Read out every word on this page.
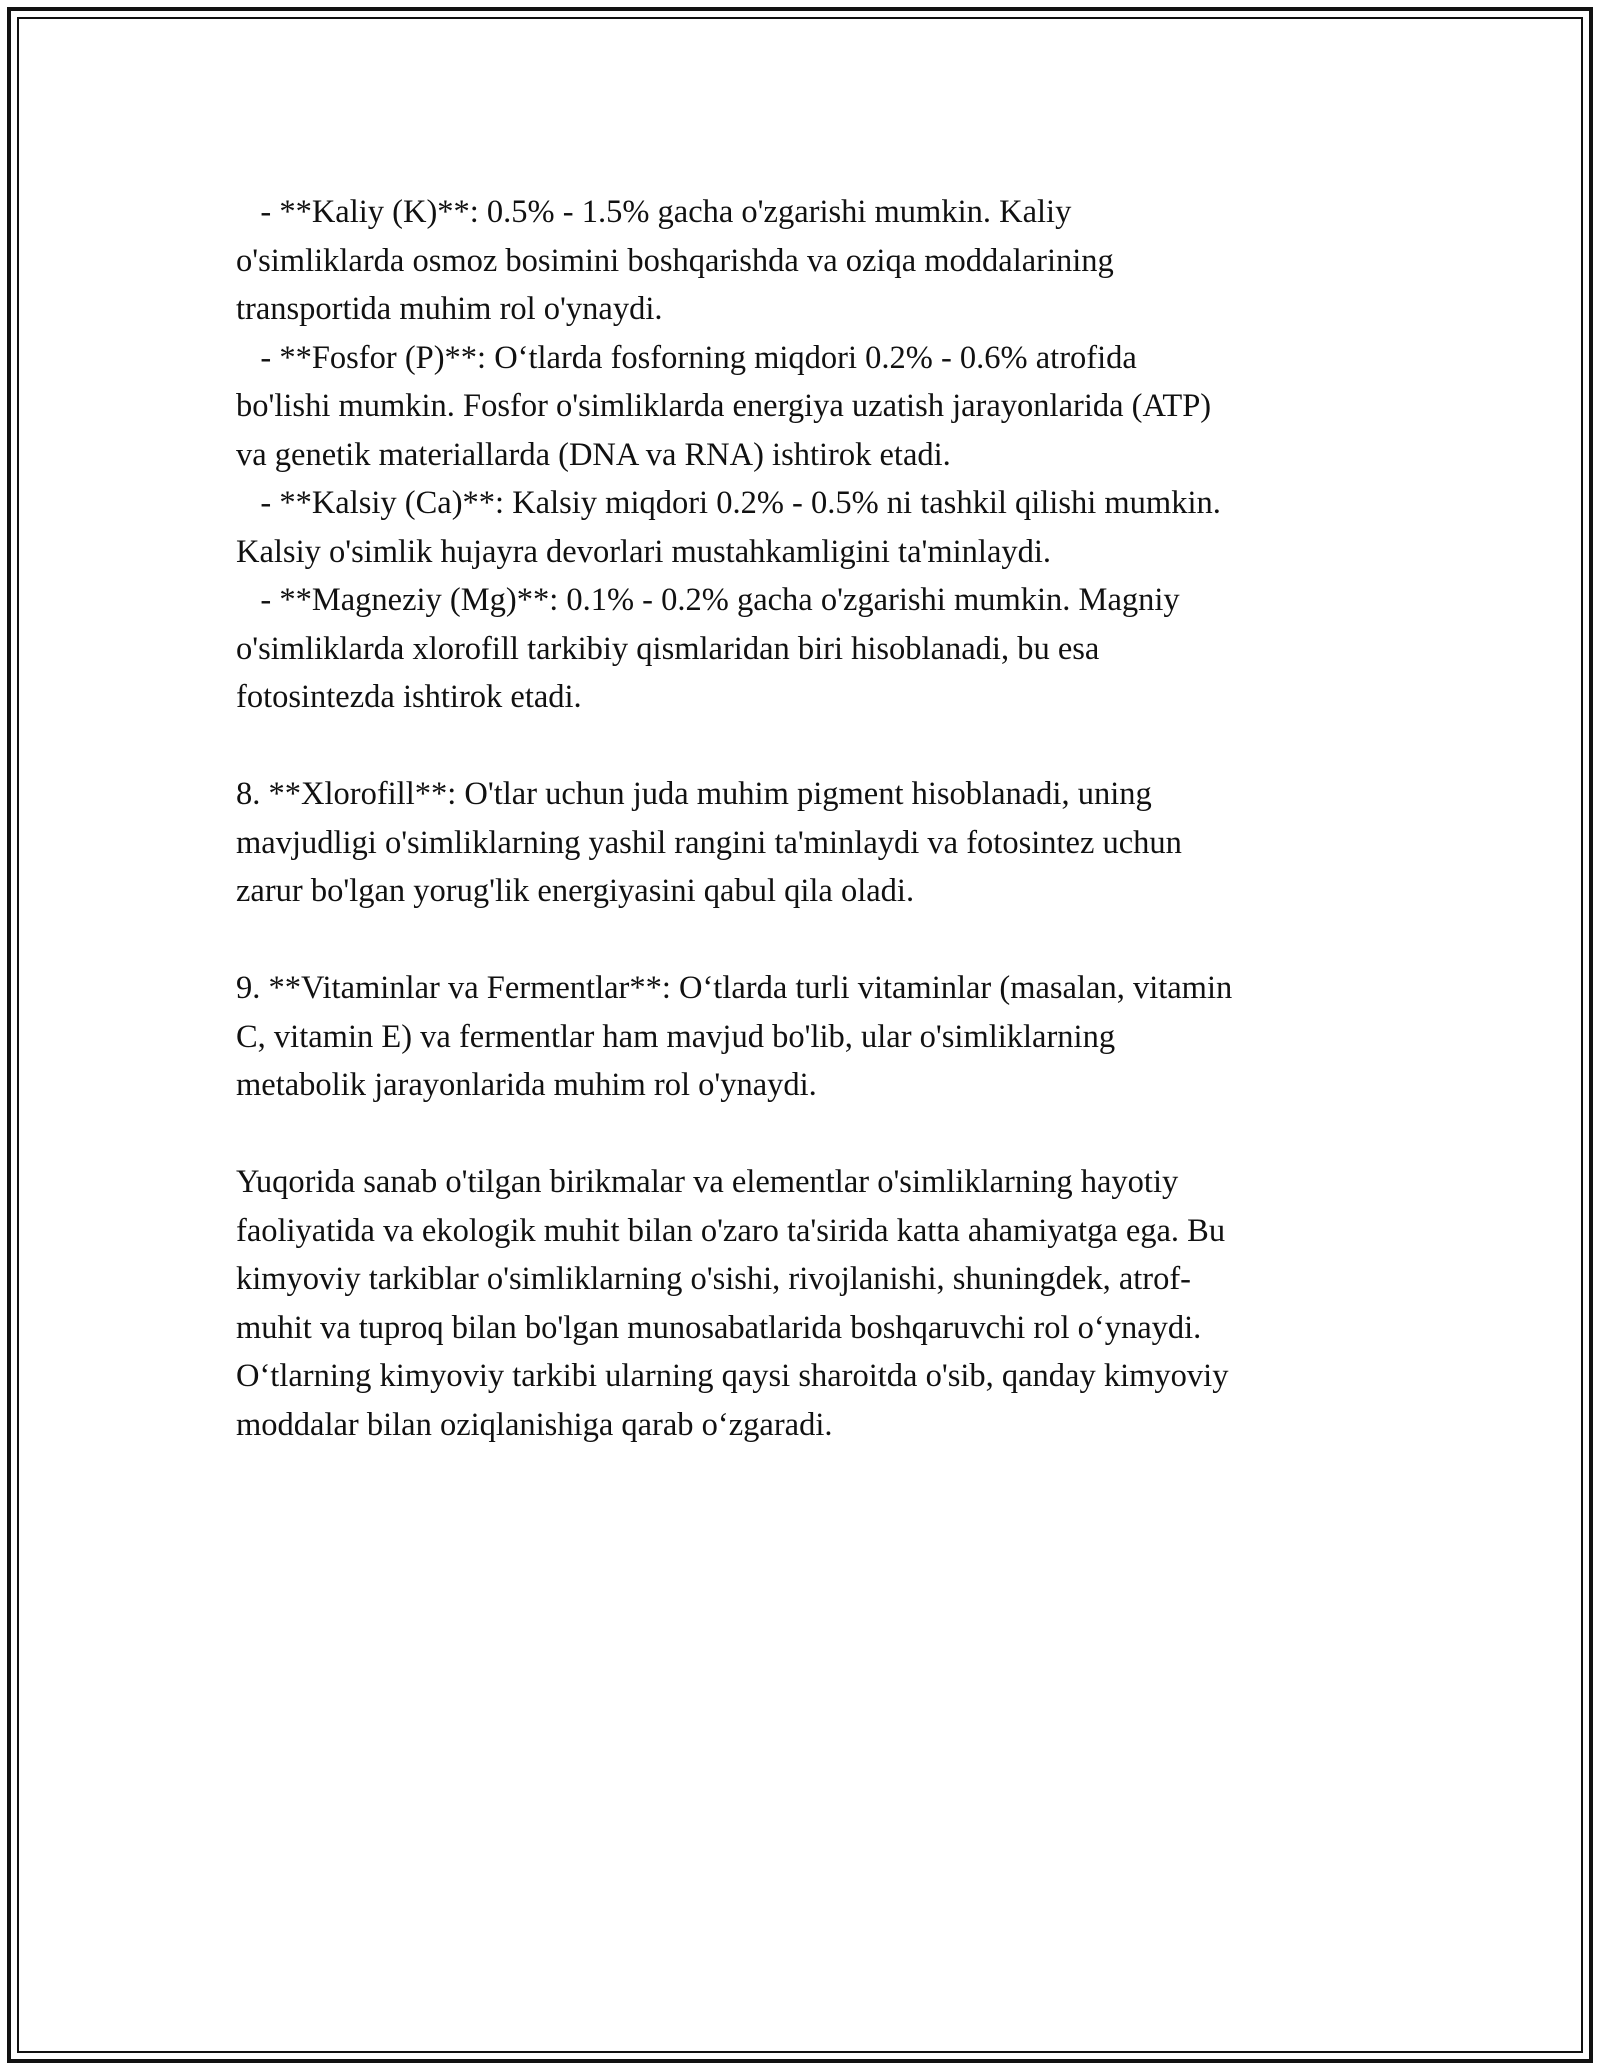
- **Kaliy (K)**: 0.5% - 1.5% gacha o'zgarishi mumkin. Kaliy
o'simliklarda osmoz bosimini boshqarishda va oziqa moddalarining
transportida muhim rol o'ynaydi.
- **Fosfor (P)**: O‘tlarda fosforning miqdori 0.2% - 0.6% atrofida
bo'lishi mumkin. Fosfor o'simliklarda energiya uzatish jarayonlarida (ATP)
va genetik materiallarda (DNA va RNA) ishtirok etadi.
- **Kalsiy (Ca)**: Kalsiy miqdori 0.2% - 0.5% ni tashkil qilishi mumkin.
Kalsiy o'simlik hujayra devorlari mustahkamligini ta'minlaydi.
- **Magneziy (Mg)**: 0.1% - 0.2% gacha o'zgarishi mumkin. Magniy
o'simliklarda xlorofill tarkibiy qismlaridan biri hisoblanadi, bu esa
fotosintezda ishtirok etadi.
8. **Xlorofill**: O'tlar uchun juda muhim pigment hisoblanadi, uning
mavjudligi o'simliklarning yashil rangini ta'minlaydi va fotosintez uchun
zarur bo'lgan yorug'lik energiyasini qabul qila oladi.
9. **Vitaminlar va Fermentlar**: O‘tlarda turli vitaminlar (masalan, vitamin
C, vitamin E) va fermentlar ham mavjud bo'lib, ular o'simliklarning
metabolik jarayonlarida muhim rol o'ynaydi.
Yuqorida sanab o'tilgan birikmalar va elementlar o'simliklarning hayotiy
faoliyatida va ekologik muhit bilan o'zaro ta'sirida katta ahamiyatga ega. Bu
kimyoviy tarkiblar o'simliklarning o'sishi, rivojlanishi, shuningdek, atrof-
muhit va tuproq bilan bo'lgan munosabatlarida boshqaruvchi rol o‘ynaydi.
O‘tlarning kimyoviy tarkibi ularning qaysi sharoitda o'sib, qanday kimyoviy
moddalar bilan oziqlanishiga qarab o‘zgaradi.
